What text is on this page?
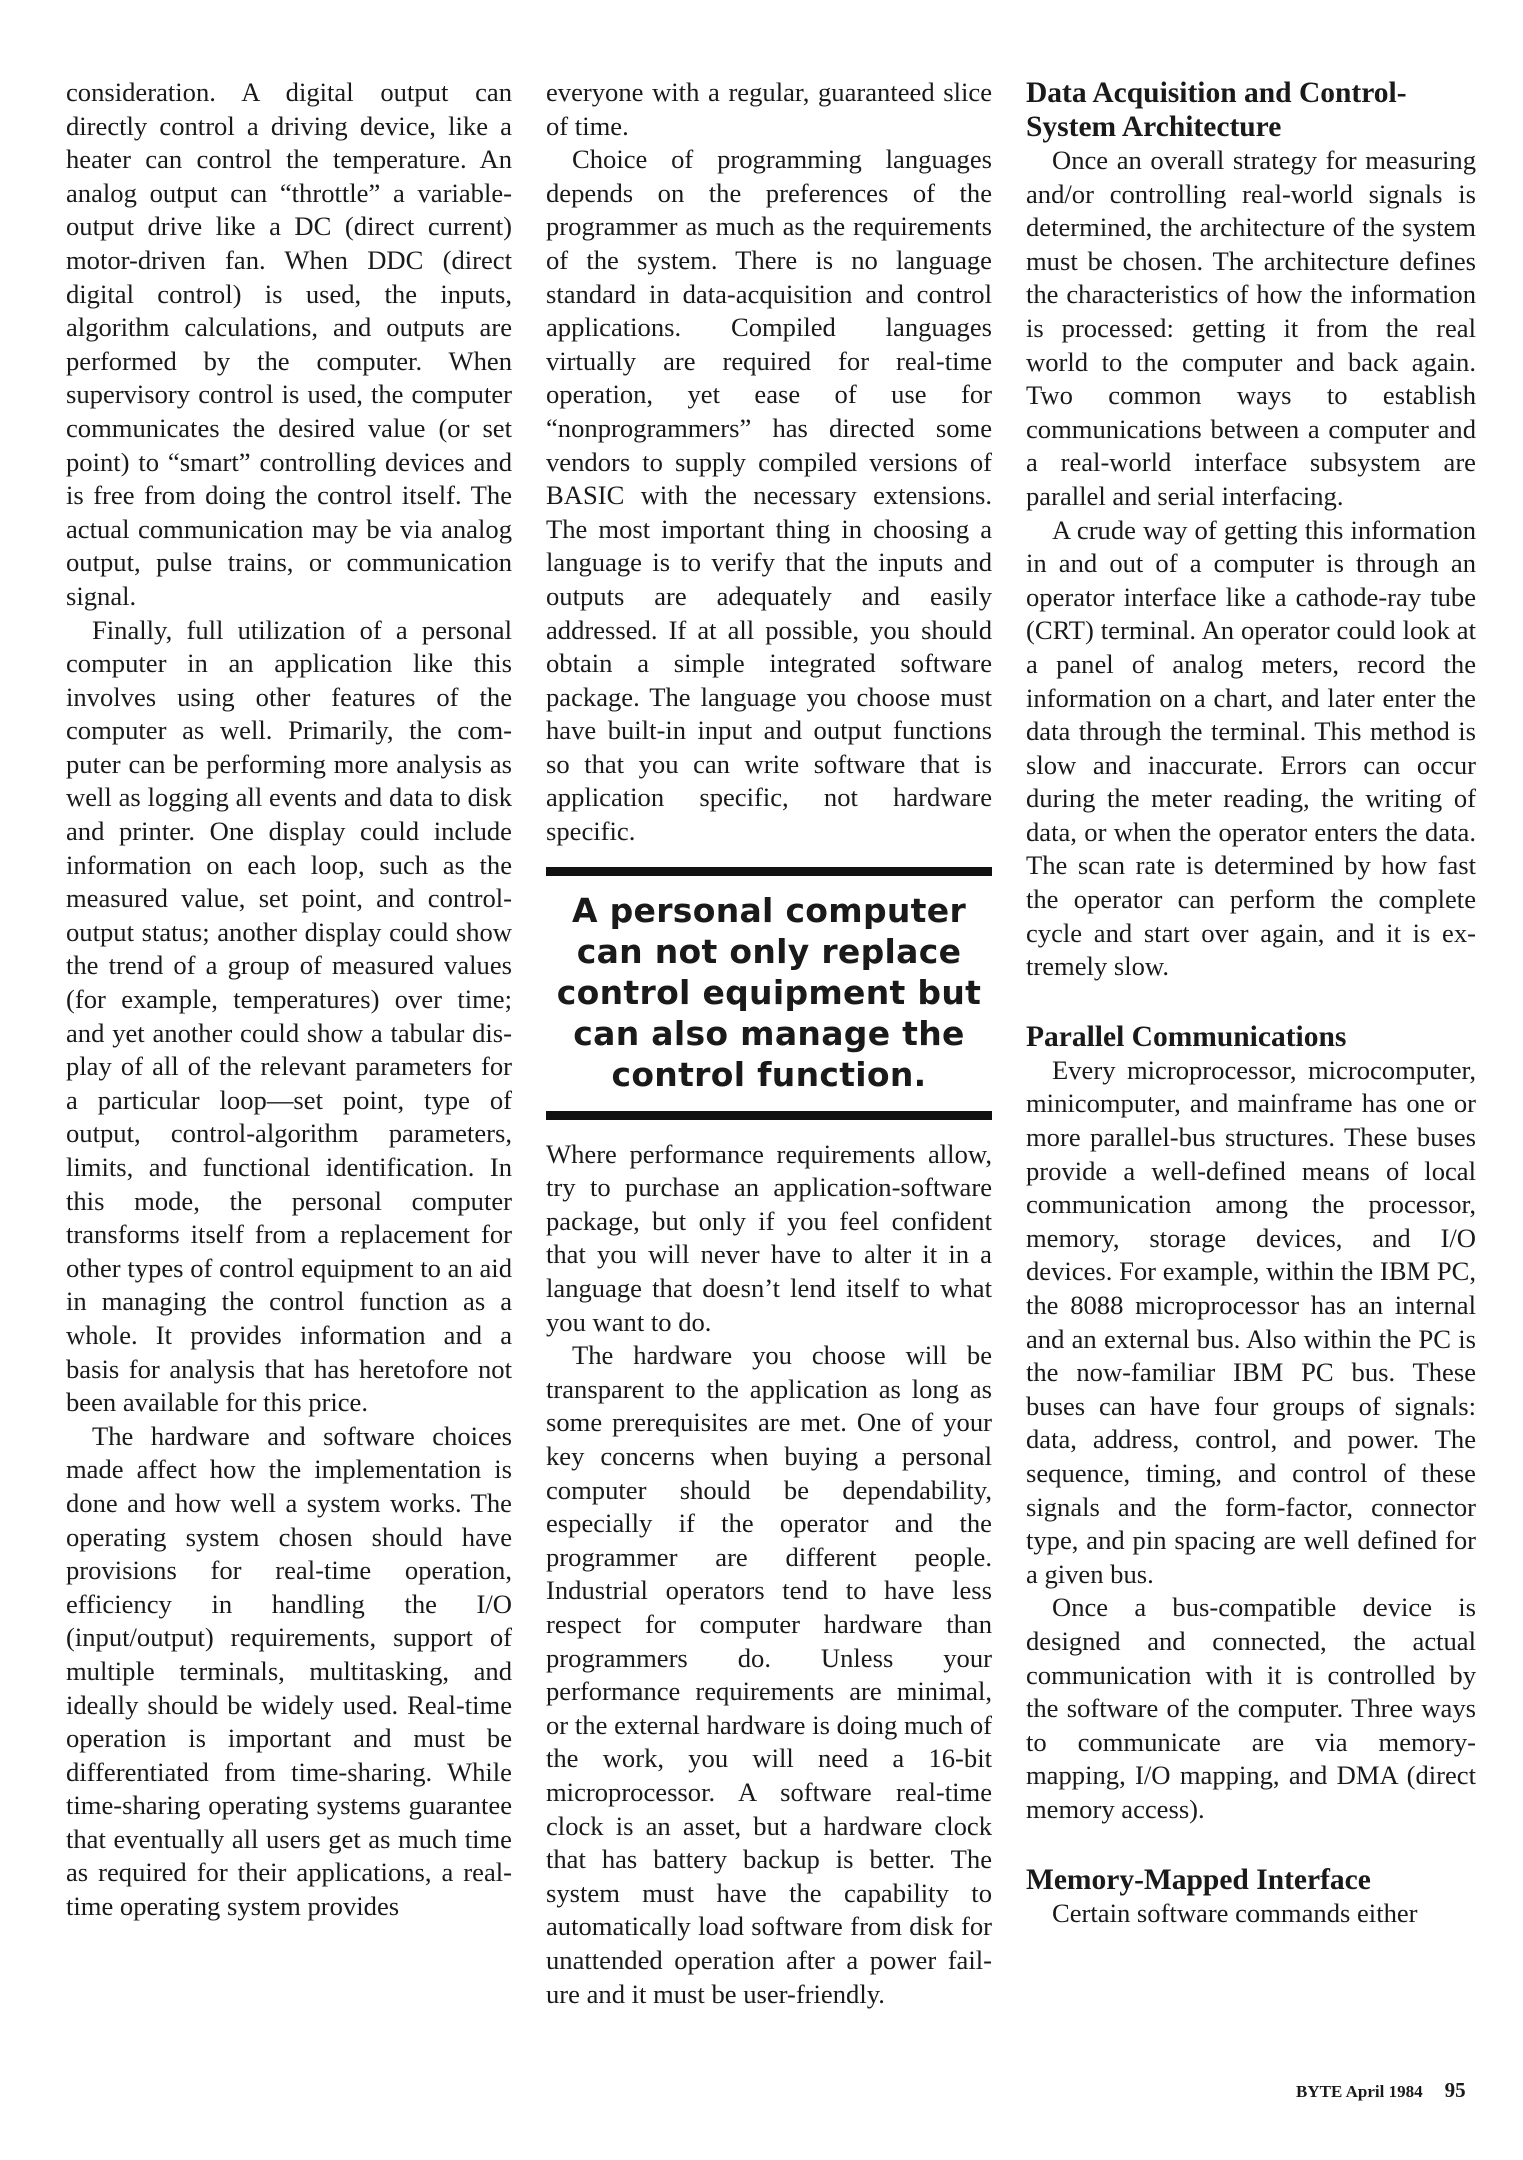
consideration. A digital output can directly control a driving device, like a heater can control the temperature. An analog output can “throttle” a variable-output drive like a DC (direct current) motor-driven fan. When DDC (direct digital control) is used, the inputs, algorithm calculations, and outputs are performed by the computer. When supervisory control is used, the computer communicates the desired value (or set point) to “smart” controlling devices and is free from doing the control itself. The actual communication may be via analog output, pulse trains, or communication signal.

Finally, full utilization of a personal computer in an application like this involves using other features of the computer as well. Primarily, the computer can be performing more analysis as well as logging all events and data to disk and printer. One display could include information on each loop, such as the measured value, set point, and control-output status; another display could show the trend of a group of measured values (for example, temperatures) over time; and yet another could show a tabular display of all of the relevant parameters for a particular loop—set point, type of output, control-algorithm parameters, limits, and functional identification. In this mode, the personal computer transforms itself from a replacement for other types of control equipment to an aid in managing the control function as a whole. It provides information and a basis for analysis that has heretofore not been available for this price.

The hardware and software choices made affect how the implementation is done and how well a system works. The operating system chosen should have provisions for real-time operation, efficiency in handling the I/O (input/output) requirements, support of multiple terminals, multitasking, and ideally should be widely used. Real-time operation is important and must be differentiated from time-sharing. While time-sharing operating systems guarantee that eventually all users get as much time as required for their applications, a real-time operating system provides

everyone with a regular, guaranteed slice of time.

Choice of programming languages depends on the preferences of the programmer as much as the requirements of the system. There is no language standard in data-acquisition and control applications. Compiled languages virtually are required for real-time operation, yet ease of use for “nonprogrammers” has directed some vendors to supply compiled versions of BASIC with the necessary extensions. The most important thing in choosing a language is to verify that the inputs and outputs are adequately and easily addressed. If at all possible, you should obtain a simple integrated software package. The language you choose must have built-in input and output functions so that you can write software that is application specific, not hardware specific.

A personal computer can not only replace control equipment but can also manage the control function.

Where performance requirements allow, try to purchase an application-software package, but only if you feel confident that you will never have to alter it in a language that doesn’t lend itself to what you want to do.

The hardware you choose will be transparent to the application as long as some prerequisites are met. One of your key concerns when buying a personal computer should be dependability, especially if the operator and the programmer are different people. Industrial operators tend to have less respect for computer hardware than programmers do. Unless your performance requirements are minimal, or the external hardware is doing much of the work, you will need a 16-bit microprocessor. A software real-time clock is an asset, but a hardware clock that has battery backup is better. The system must have the capability to automatically load software from disk for unattended operation after a power failure and it must be user-friendly.

Data Acquisition and Control-System Architecture

Once an overall strategy for measuring and/or controlling real-world signals is determined, the architecture of the system must be chosen. The architecture defines the characteristics of how the information is processed: getting it from the real world to the computer and back again. Two common ways to establish communications between a computer and a real-world interface subsystem are parallel and serial interfacing.

A crude way of getting this information in and out of a computer is through an operator interface like a cathode-ray tube (CRT) terminal. An operator could look at a panel of analog meters, record the information on a chart, and later enter the data through the terminal. This method is slow and inaccurate. Errors can occur during the meter reading, the writing of data, or when the operator enters the data. The scan rate is determined by how fast the operator can perform the complete cycle and start over again, and it is extremely slow.

Parallel Communications

Every microprocessor, microcomputer, minicomputer, and mainframe has one or more parallel-bus structures. These buses provide a well-defined means of local communication among the processor, memory, storage devices, and I/O devices. For example, within the IBM PC, the 8088 microprocessor has an internal and an external bus. Also within the PC is the now-familiar IBM PC bus. These buses can have four groups of signals: data, address, control, and power. The sequence, timing, and control of these signals and the form-factor, connector type, and pin spacing are well defined for a given bus.

Once a bus-compatible device is designed and connected, the actual communication with it is controlled by the software of the computer. Three ways to communicate are via memory-mapping, I/O mapping, and DMA (direct memory access).

Memory-Mapped Interface

Certain software commands either

BYTE April 1984 95
